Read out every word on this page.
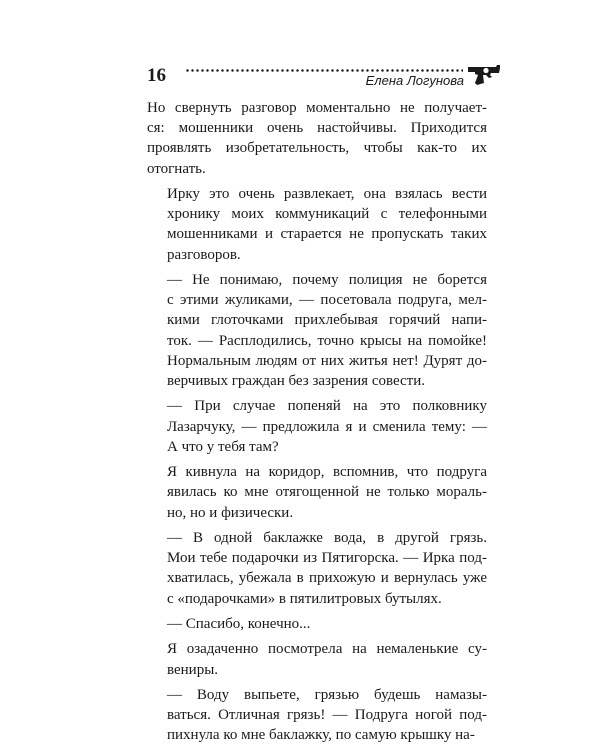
16	Елена Логунова

Но свернуть разговор моментально не получает-
ся: мошенники очень настойчивы. Приходится
проявлять изобретательность, чтобы как-то их
отогнать.

Ирку это очень развлекает, она взялась вести
хронику моих коммуникаций с телефонными
мошенниками и старается не пропускать таких
разговоров.

— Не понимаю, почему полиция не борется
с этими жуликами, — посетовала подруга, мел-
кими глоточками прихлебывая горячий напи-
ток. — Расплодились, точно крысы на помойке!
Нормальным людям от них житья нет! Дурят до-
верчивых граждан без зазрения совести.

— При случае попеняй на это полковнику
Лазарчуку, — предложила я и сменила тему: —
А что у тебя там?

Я кивнула на коридор, вспомнив, что подруга
явилась ко мне отягощенной не только мораль-
но, но и физически.

— В одной баклажке вода, в другой грязь.
Мои тебе подарочки из Пятигорска. — Ирка под-
хватилась, убежала в прихожую и вернулась уже
с «подарочками» в пятилитровых бутылях.

— Спасибо, конечно...

Я озадаченно посмотрела на немаленькие су-
вениры.

— Воду выпьете, грязью будешь намазы-
ваться. Отличная грязь! — Подруга ногой под-
пихнула ко мне баклажку, по самую крышку на-
